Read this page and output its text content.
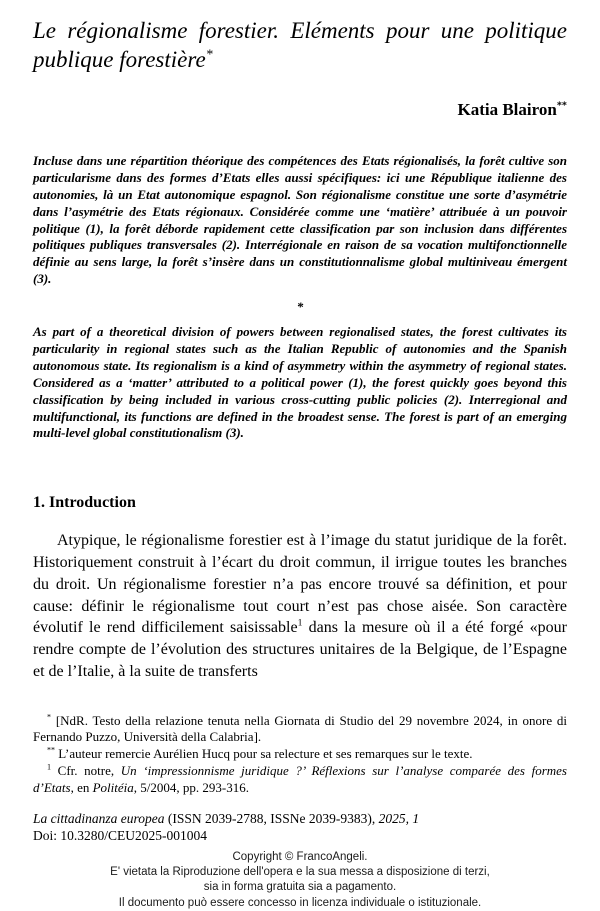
Le régionalisme forestier. Eléments pour une politique
publique forestière*
Katia Blairon**

Incluse dans une répartition théorique des compétences des Etats régionalisés, la forêt cultive son particularisme dans des formes d’Etats elles aussi spécifiques: ici une République italienne des autonomies, là un Etat autonomique espagnol. Son régionalisme constitue une sorte d’asymétrie dans l’asymétrie des Etats régionaux. Considérée comme une ‘matière’ attribuée à un pouvoir politique (1), la forêt déborde rapidement cette classification par son inclusion dans différentes politiques publiques transversales (2). Interrégionale en raison de sa vocation multifonctionnelle définie au sens large, la forêt s’insère dans un constitutionnalisme global multiniveau émergent (3).

*

As part of a theoretical division of powers between regionalised states, the forest cultivates its particularity in regional states such as the Italian Republic of autonomies and the Spanish autonomous state. Its regionalism is a kind of asymmetry within the asymmetry of regional states. Considered as a ‘matter’ attributed to a political power (1), the forest quickly goes beyond this classification by being included in various cross-cutting public policies (2). Interregional and multifunctional, its functions are defined in the broadest sense. The forest is part of an emerging multi-level global constitutionalism (3).

1. Introduction

Atypique, le régionalisme forestier est à l’image du statut juridique de la forêt. Historiquement construit à l’écart du droit commun, il irrigue toutes les branches du droit. Un régionalisme forestier n’a pas encore trouvé sa définition, et pour cause: définir le régionalisme tout court n’est pas chose aisée. Son caractère évolutif le rend difficilement saisissable$^1$ dans la mesure où il a été forgé «pour rendre compte de l’évolution des structures unitaires de la Belgique, de l’Espagne et de l’Italie, à la suite de transferts

* [NdR. Testo della relazione tenuta nella Giornata di Studio del 29 novembre 2024, in onore di Fernando Puzzo, Università della Calabria].

** L’auteur remercie Aurélien Hucq pour sa relecture et ses remarques sur le texte.

$^1$ Cfr. notre, Un ‘impressionnisme juridique ?’ Réflexions sur l’analyse comparée des formes d’Etats, en Politéia, 5/2004, pp. 293-316.

La cittadinanza europea (ISSN 2039-2788, ISSNe 2039-9383), 2025, 1
Doi: 10.3280/CEU2025-001004
Copyright © FrancoAngeli.
E' vietata la Riproduzione dell'opera e la sua messa a disposizione di terzi,
sia in forma gratuita sia a pagamento.
Il documento può essere concesso in licenza individuale o istituzionale.
